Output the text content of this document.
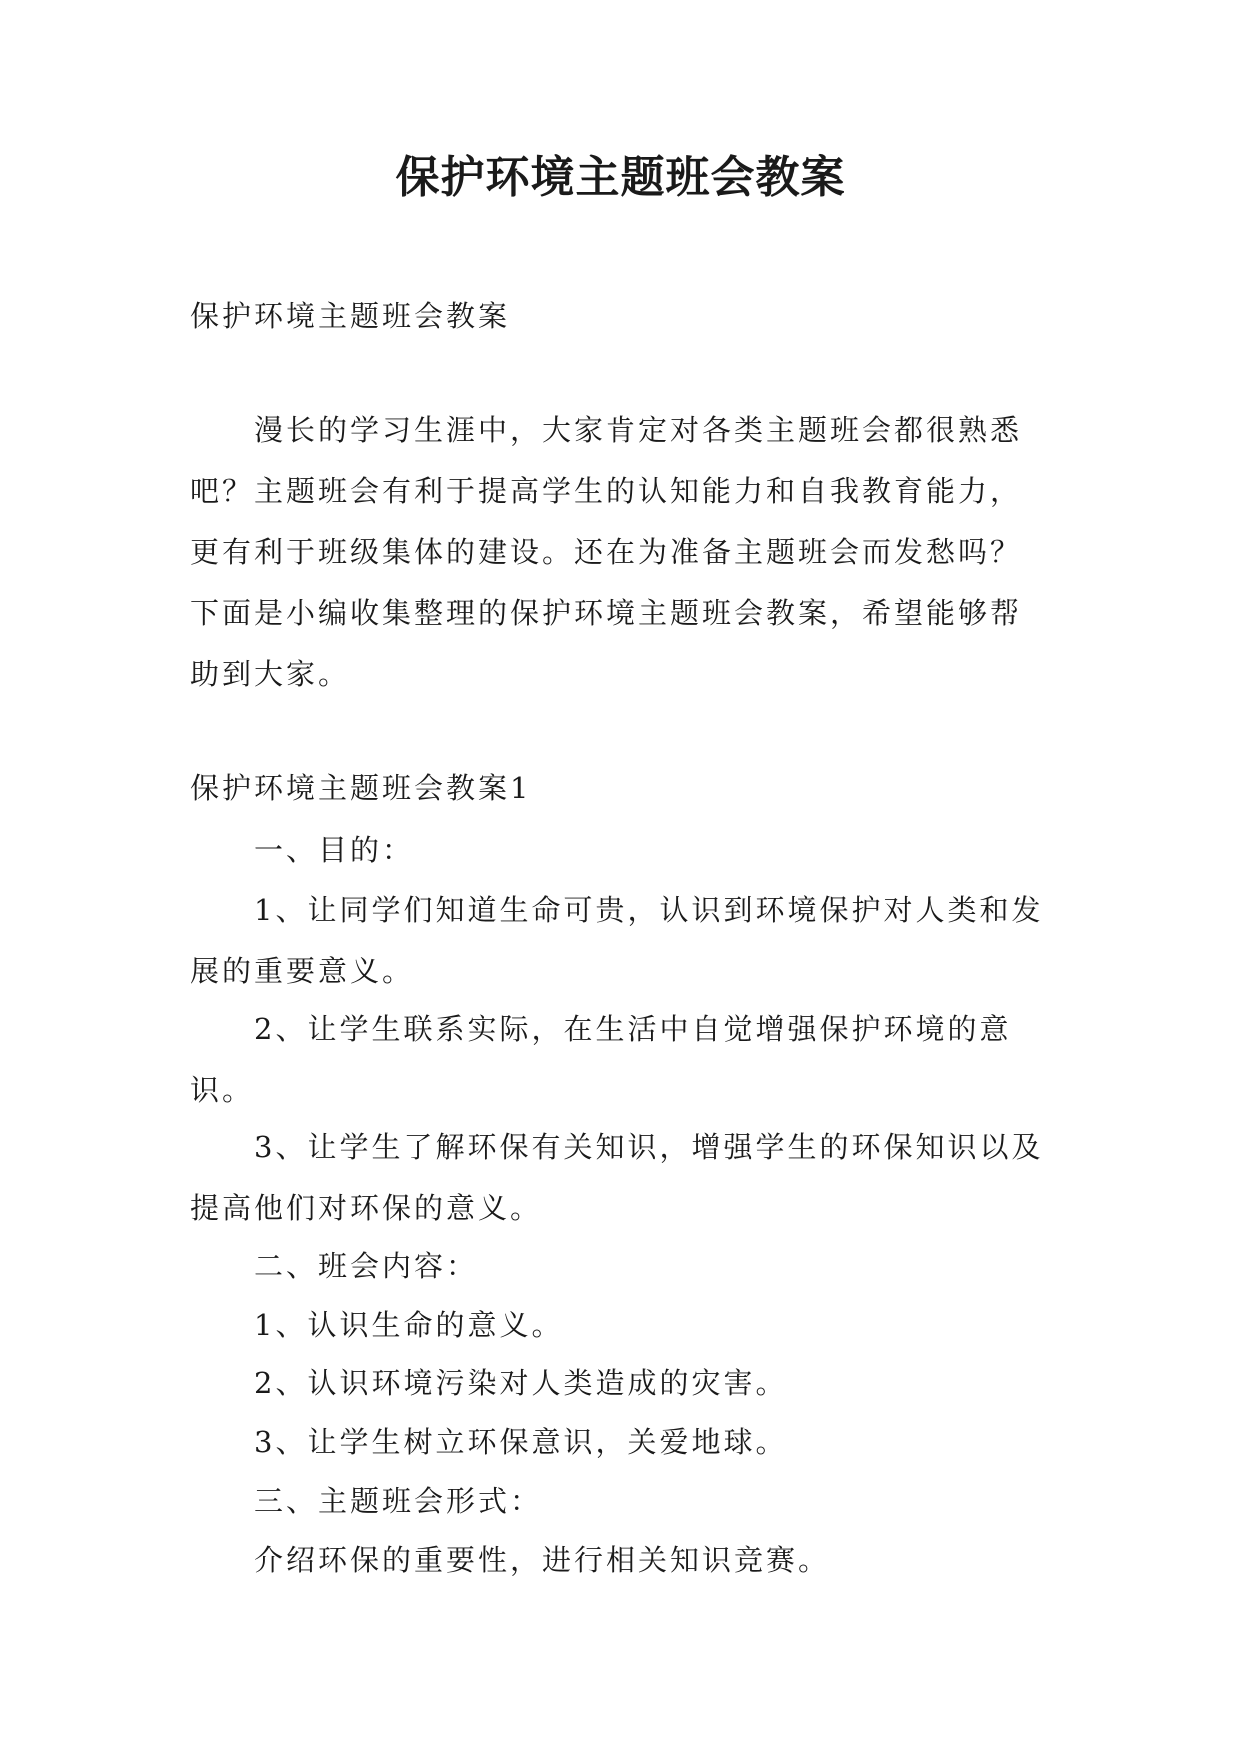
保护环境主题班会教案

保护环境主题班会教案

漫长的学习生涯中，大家肯定对各类主题班会都很熟悉吧？主题班会有利于提高学生的认知能力和自我教育能力，更有利于班级集体的建设。还在为准备主题班会而发愁吗？下面是小编收集整理的保护环境主题班会教案，希望能够帮助到大家。

保护环境主题班会教案1

一、目的：

1、让同学们知道生命可贵，认识到环境保护对人类和发展的重要意义。

2、让学生联系实际，在生活中自觉增强保护环境的意识。

3、让学生了解环保有关知识，增强学生的环保知识以及提高他们对环保的意义。

二、班会内容：

1、认识生命的意义。

2、认识环境污染对人类造成的灾害。

3、让学生树立环保意识，关爱地球。

三、主题班会形式：

介绍环保的重要性，进行相关知识竞赛。
